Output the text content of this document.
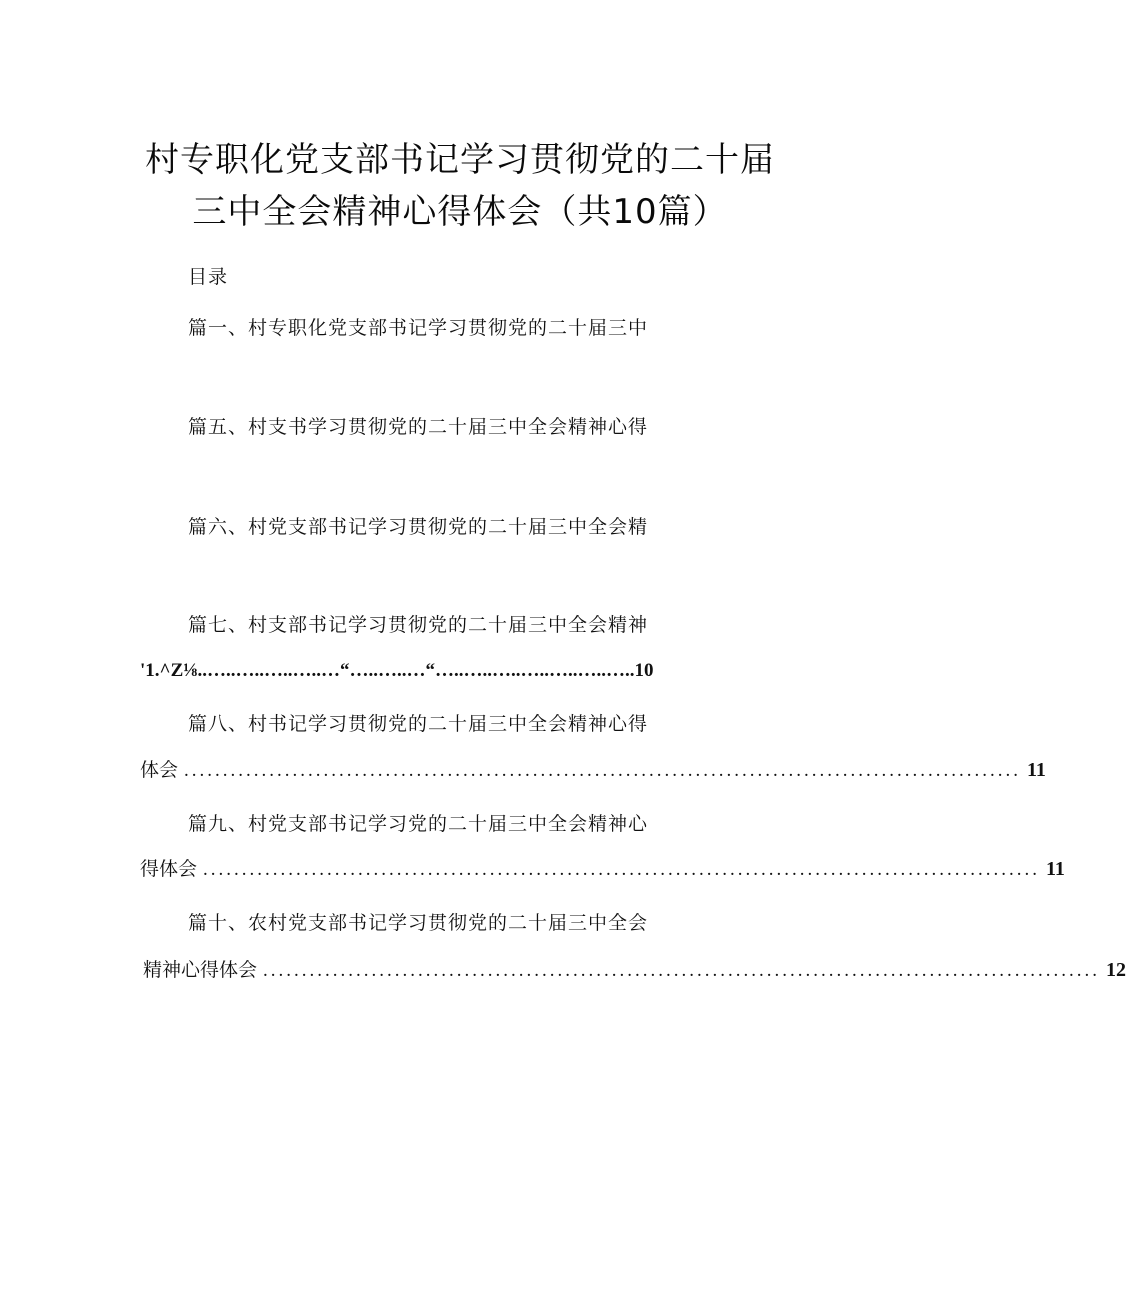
村专职化党支部书记学习贯彻党的二十届
三中全会精神心得体会（共10篇）
目录
篇一、村专职化党支部书记学习贯彻党的二十届三中
篇五、村支书学习贯彻党的二十届三中全会精神心得
篇六、村党支部书记学习贯彻党的二十届三中全会精
篇七、村支部书记学习贯彻党的二十届三中全会精神
'1.^Z⅛..…..…..…..…..…“…..…..…“…..…..…..…..…..…..…..10
篇八、村书记学习贯彻党的二十届三中全会精神心得
体会 ............................................................................................................ 11
篇九、村党支部书记学习党的二十届三中全会精神心
得体会 ............................................................................................................ 11
篇十、农村党支部书记学习贯彻党的二十届三中全会
精神心得体会 ............................................................................................................ 12
